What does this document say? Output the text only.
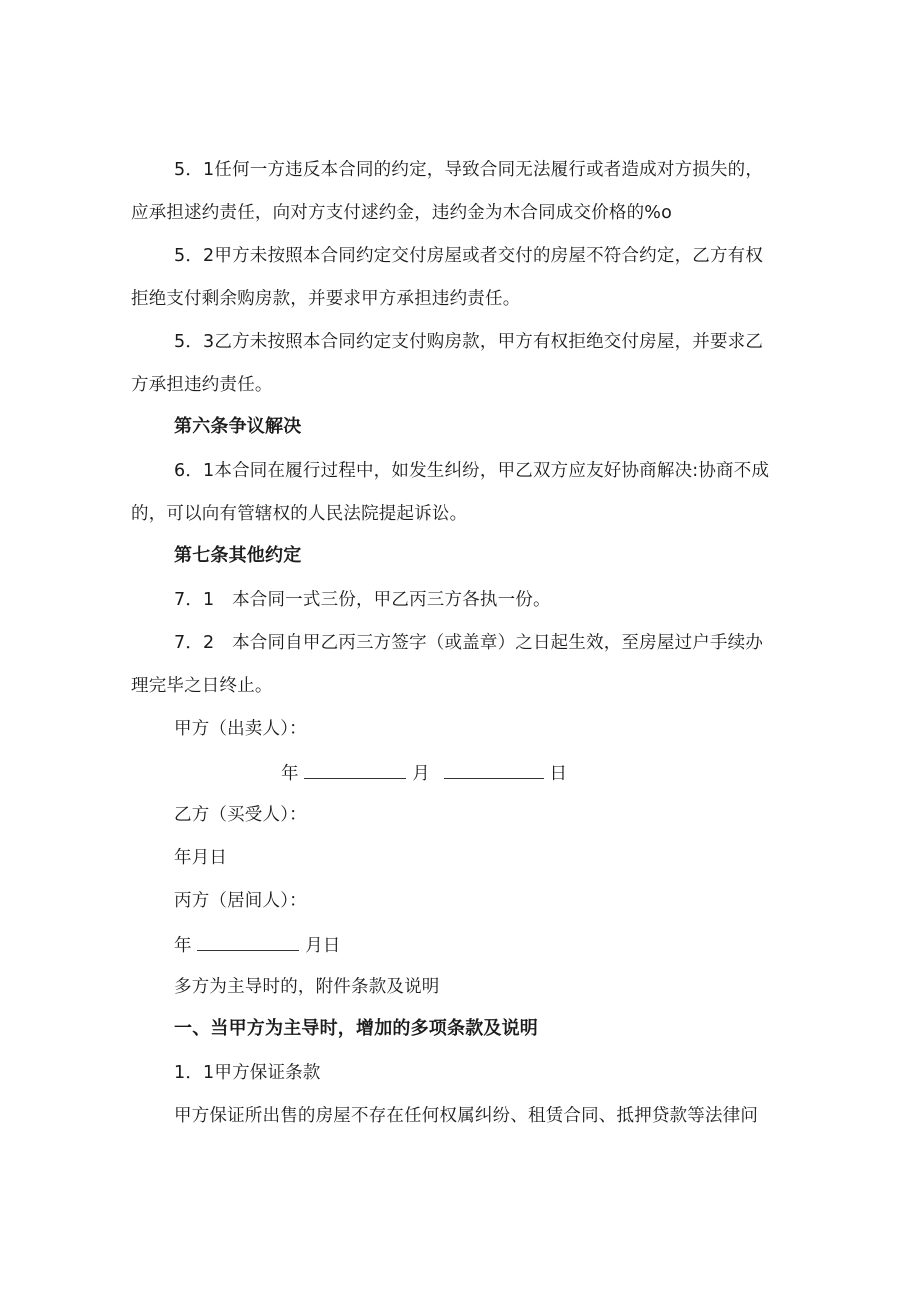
5．1任何一方违反本合同的约定，导致合同无法履行或者造成对方损失的，
应承担逑约责任，向对方支付逑约金，违约金为木合同成交价格的%o
5．2甲方未按照本合同约定交付房屋或者交付的房屋不符合约定，乙方有权
拒绝支付剩余购房款，并要求甲方承担违约责任。
5．3乙方未按照本合同约定支付购房款，甲方有权拒绝交付房屋，并要求乙
方承担违约责任。
第六条争议解决
6．1本合同在履行过程中，如发生纠纷，甲乙双方应友好协商解决:协商不成
的，可以向有管辖权的人民法院提起诉讼。
第七条其他约定
7．1　本合同一式三份，甲乙丙三方各执一份。
7．2　本合同自甲乙丙三方签字（或盖章）之日起生效，至房屋过户手续办
理完毕之日终止。
甲方（出卖人）：
年	月	日
乙方（买受人）：
年月日
丙方（居间人）：
年	月日
多方为主导时的，附件条款及说明
一、当甲方为主导时，增加的多项条款及说明
1．1甲方保证条款
甲方保证所出售的房屋不存在任何权属纠纷、租赁合同、抵押贷款等法律问
